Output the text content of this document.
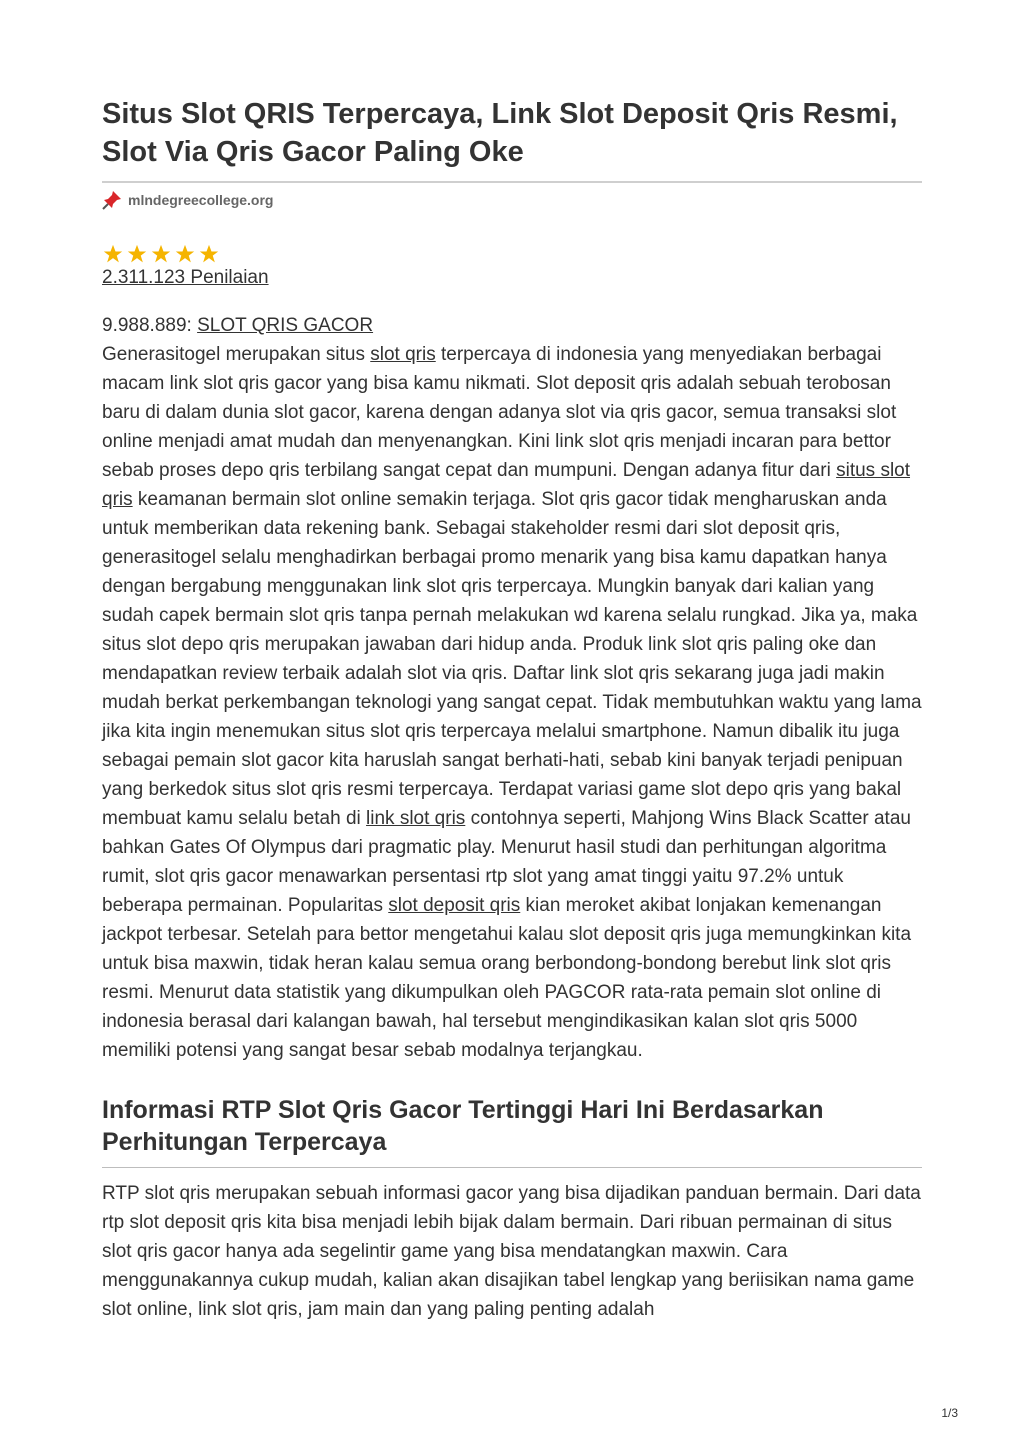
Situs Slot QRIS Terpercaya, Link Slot Deposit Qris Resmi, Slot Via Qris Gacor Paling Oke
mlndegreecollege.org
2.311.123 Penilaian
9.988.889: SLOT QRIS GACOR

Generasitogel merupakan situs slot qris terpercaya di indonesia yang menyediakan berbagai macam link slot qris gacor yang bisa kamu nikmati. Slot deposit qris adalah sebuah terobosan baru di dalam dunia slot gacor, karena dengan adanya slot via qris gacor, semua transaksi slot online menjadi amat mudah dan menyenangkan. Kini link slot qris menjadi incaran para bettor sebab proses depo qris terbilang sangat cepat dan mumpuni. Dengan adanya fitur dari situs slot qris keamanan bermain slot online semakin terjaga. Slot qris gacor tidak mengharuskan anda untuk memberikan data rekening bank. Sebagai stakeholder resmi dari slot deposit qris, generasitogel selalu menghadirkan berbagai promo menarik yang bisa kamu dapatkan hanya dengan bergabung menggunakan link slot qris terpercaya. Mungkin banyak dari kalian yang sudah capek bermain slot qris tanpa pernah melakukan wd karena selalu rungkad. Jika ya, maka situs slot depo qris merupakan jawaban dari hidup anda. Produk link slot qris paling oke dan mendapatkan review terbaik adalah slot via qris. Daftar link slot qris sekarang juga jadi makin mudah berkat perkembangan teknologi yang sangat cepat. Tidak membutuhkan waktu yang lama jika kita ingin menemukan situs slot qris terpercaya melalui smartphone. Namun dibalik itu juga sebagai pemain slot gacor kita haruslah sangat berhati-hati, sebab kini banyak terjadi penipuan yang berkedok situs slot qris resmi terpercaya. Terdapat variasi game slot depo qris yang bakal membuat kamu selalu betah di link slot qris contohnya seperti, Mahjong Wins Black Scatter atau bahkan Gates Of Olympus dari pragmatic play. Menurut hasil studi dan perhitungan algoritma rumit, slot qris gacor menawarkan persentasi rtp slot yang amat tinggi yaitu 97.2% untuk beberapa permainan. Popularitas slot deposit qris kian meroket akibat lonjakan kemenangan jackpot terbesar. Setelah para bettor mengetahui kalau slot deposit qris juga memungkinkan kita untuk bisa maxwin, tidak heran kalau semua orang berbondong-bondong berebut link slot qris resmi. Menurut data statistik yang dikumpulkan oleh PAGCOR rata-rata pemain slot online di indonesia berasal dari kalangan bawah, hal tersebut mengindikasikan kalan slot qris 5000 memiliki potensi yang sangat besar sebab modalnya terjangkau.

Informasi RTP Slot Qris Gacor Tertinggi Hari Ini Berdasarkan Perhitungan Terpercaya

RTP slot qris merupakan sebuah informasi gacor yang bisa dijadikan panduan bermain. Dari data rtp slot deposit qris kita bisa menjadi lebih bijak dalam bermain. Dari ribuan permainan di situs slot qris gacor hanya ada segelintir game yang bisa mendatangkan maxwin. Cara menggunakannya cukup mudah, kalian akan disajikan tabel lengkap yang beriisikan nama game slot online, link slot qris, jam main dan yang paling penting adalah

1/3
